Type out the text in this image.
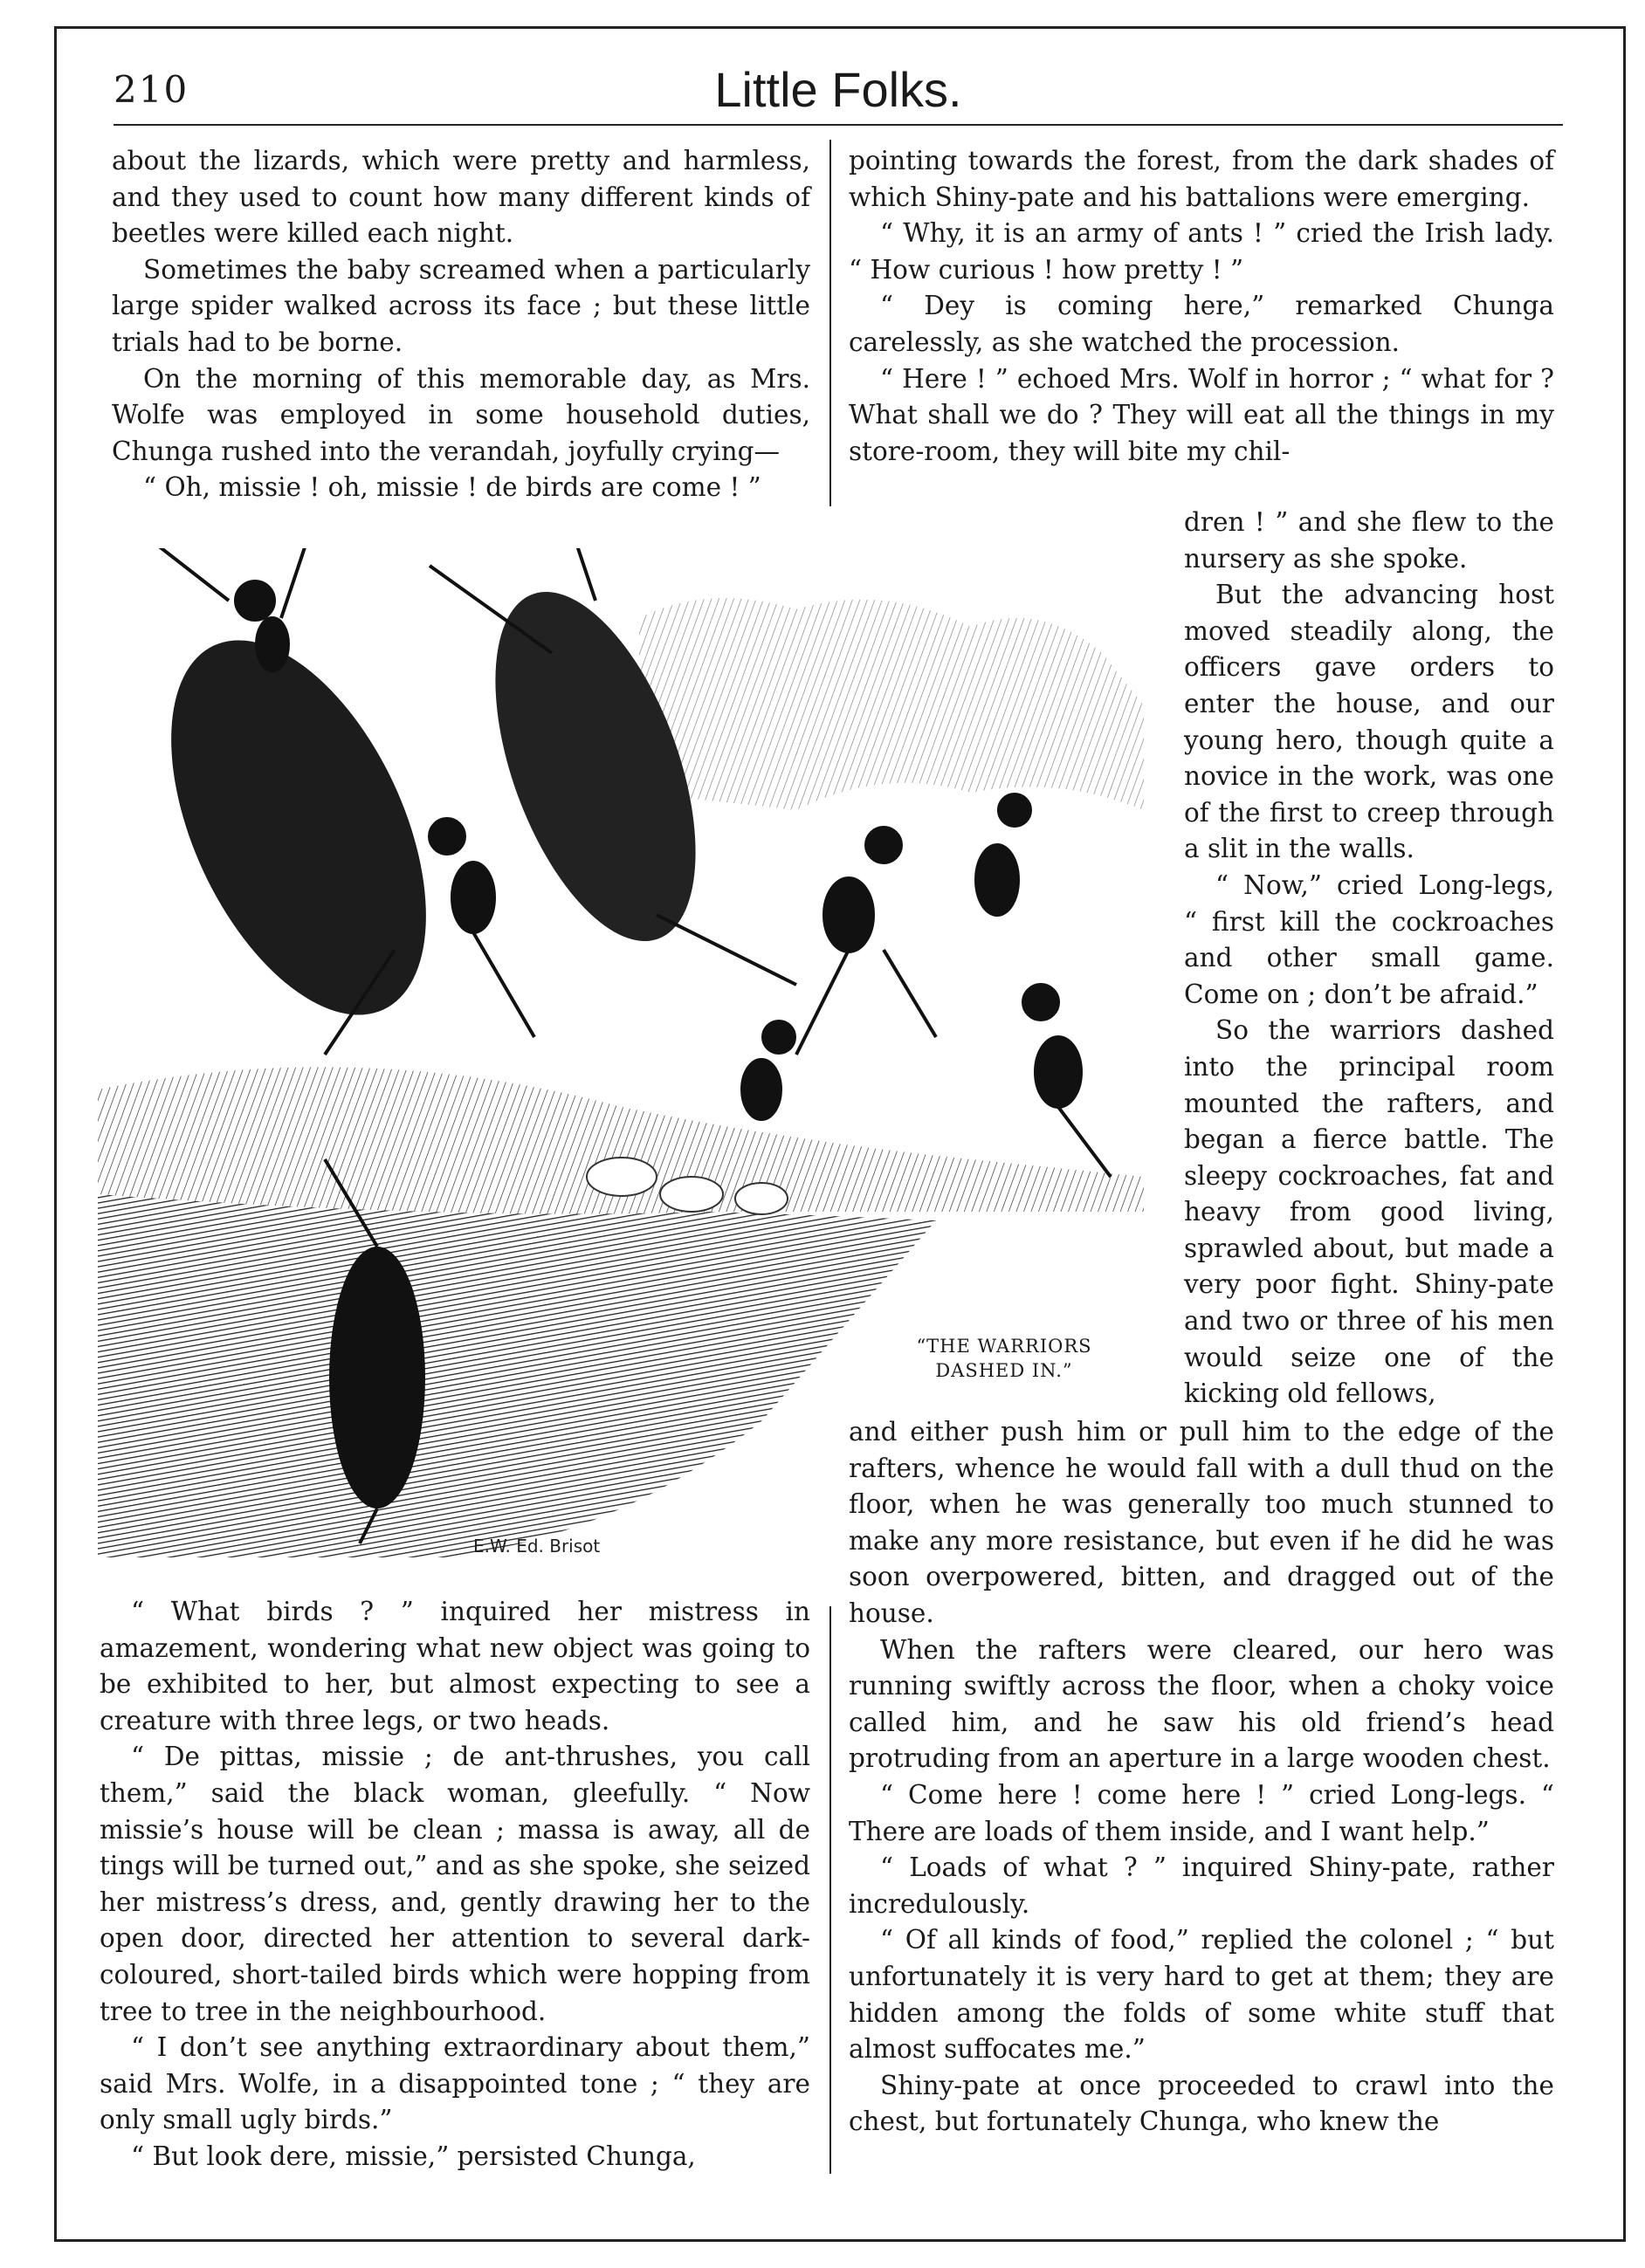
210	Little Folks.

about the lizards, which were pretty and harmless, and they used to count how many different kinds of beetles were killed each night.

Sometimes the baby screamed when a particularly large spider walked across its face ; but these little trials had to be borne.

On the morning of this memorable day, as Mrs. Wolfe was employed in some household duties, Chunga rushed into the verandah, joyfully crying—

“ Oh, missie ! oh, missie ! de birds are come ! ”

pointing towards the forest, from the dark shades of which Shiny-pate and his battalions were emerging.

“ Why, it is an army of ants ! ” cried the Irish lady. “ How curious ! how pretty ! ”

“ Dey is coming here,” remarked Chunga carelessly, as she watched the procession.

“ Here ! ” echoed Mrs. Wolf in horror ; “ what for ? What shall we do ? They will eat all the things in my store-room, they will bite my chil-

E.W. Ed. Brisot
“THE WARRIORS DASHED IN.”

dren ! ” and she flew to the nursery as she spoke.

But the advancing host moved steadily along, the officers gave orders to enter the house, and our young hero, though quite a novice in the work, was one of the first to creep through a slit in the walls.

“ Now,” cried Long-legs, “ first kill the cockroaches and other small game. Come on ; don’t be afraid.”

So the warriors dashed into the principal room mounted the rafters, and began a fierce battle. The sleepy cockroaches, fat and heavy from good living, sprawled about, but made a very poor fight. Shiny-pate and two or three of his men would seize one of the kicking old fellows,

and either push him or pull him to the edge of the rafters, whence he would fall with a dull thud on the floor, when he was generally too much stunned to make any more resistance, but even if he did he was soon overpowered, bitten, and dragged out of the house.

When the rafters were cleared, our hero was running swiftly across the floor, when a choky voice called him, and he saw his old friend’s head protruding from an aperture in a large wooden chest.

“ Come here ! come here ! ” cried Long-legs. “ There are loads of them inside, and I want help.”

“ Loads of what ? ” inquired Shiny-pate, rather incredulously.

“ Of all kinds of food,” replied the colonel ; “ but unfortunately it is very hard to get at them; they are hidden among the folds of some white stuff that almost suffocates me.”

Shiny-pate at once proceeded to crawl into the chest, but fortunately Chunga, who knew the

“ What birds ? ” inquired her mistress in amazement, wondering what new object was going to be exhibited to her, but almost expecting to see a creature with three legs, or two heads.

“ De pittas, missie ; de ant-thrushes, you call them,” said the black woman, gleefully. “ Now missie’s house will be clean ; massa is away, all de tings will be turned out,” and as she spoke, she seized her mistress’s dress, and, gently drawing her to the open door, directed her attention to several dark-coloured, short-tailed birds which were hopping from tree to tree in the neighbourhood.

“ I don’t see anything extraordinary about them,” said Mrs. Wolfe, in a disappointed tone ; “ they are only small ugly birds.”

“ But look dere, missie,” persisted Chunga,
